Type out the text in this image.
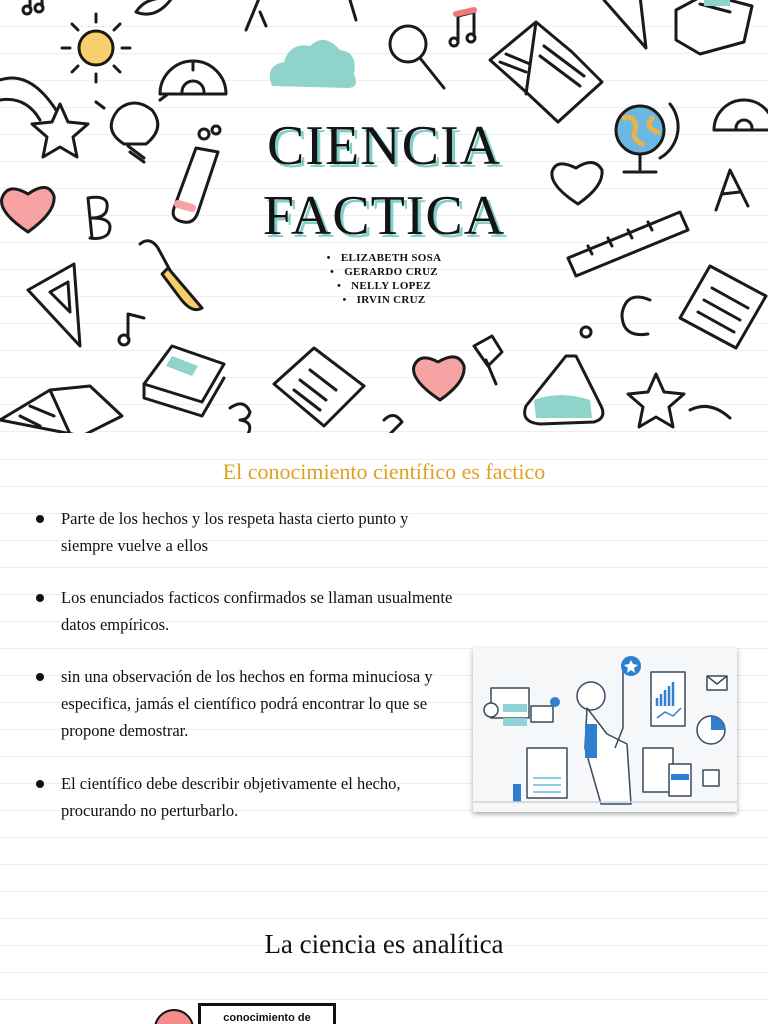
CIENCIA
FACTICA
• ELIZABETH SOSA
• GERARDO CRUZ
• NELLY LOPEZ
• IRVIN CRUZ
El conocimiento científico es factico
Parte de los hechos y los respeta hasta cierto punto y siempre vuelve a ellos
Los enunciados facticos confirmados se llaman usualmente datos empíricos.
sin una observación de los hechos en forma minuciosa y especifica, jamás el científico podrá encontrar lo que se propone demostrar.
El científico debe describir objetivamente el hecho, procurando no perturbarlo.
La ciencia es analítica
conocimiento de
